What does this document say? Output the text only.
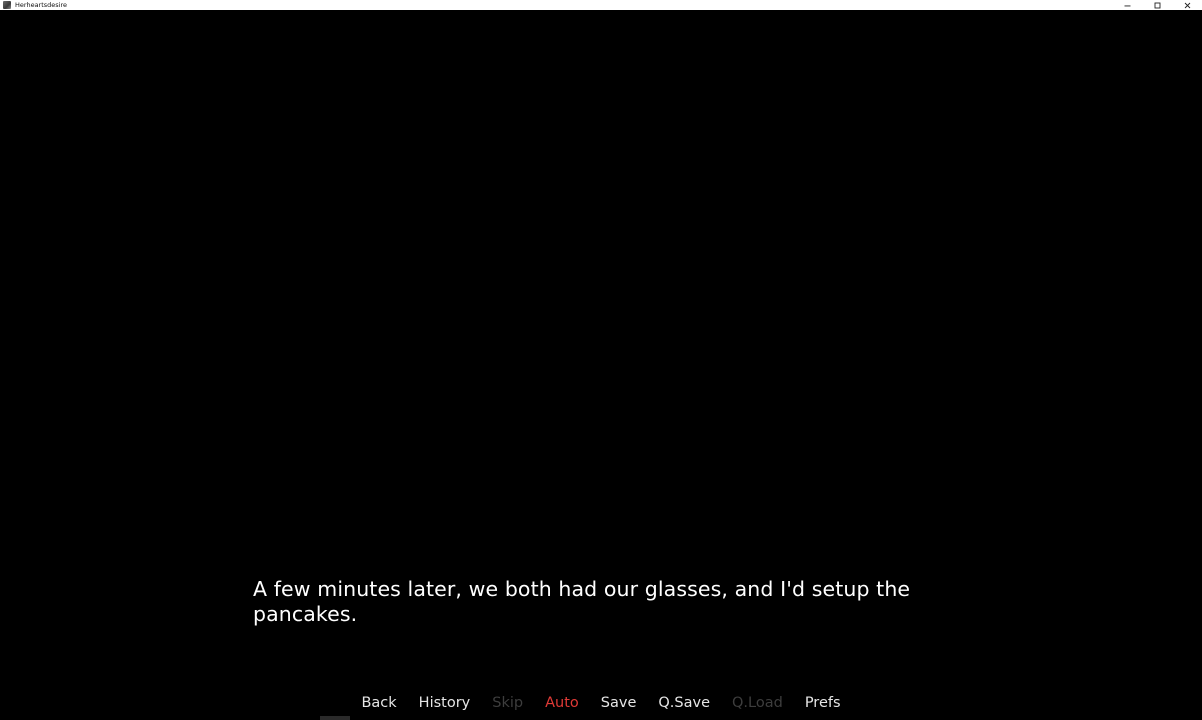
Herheartsdesire
A few minutes later, we both had our glasses, and I'd setup the pancakes.
Back	History	Skip	Auto	Save	Q.Save	Q.Load	Prefs
